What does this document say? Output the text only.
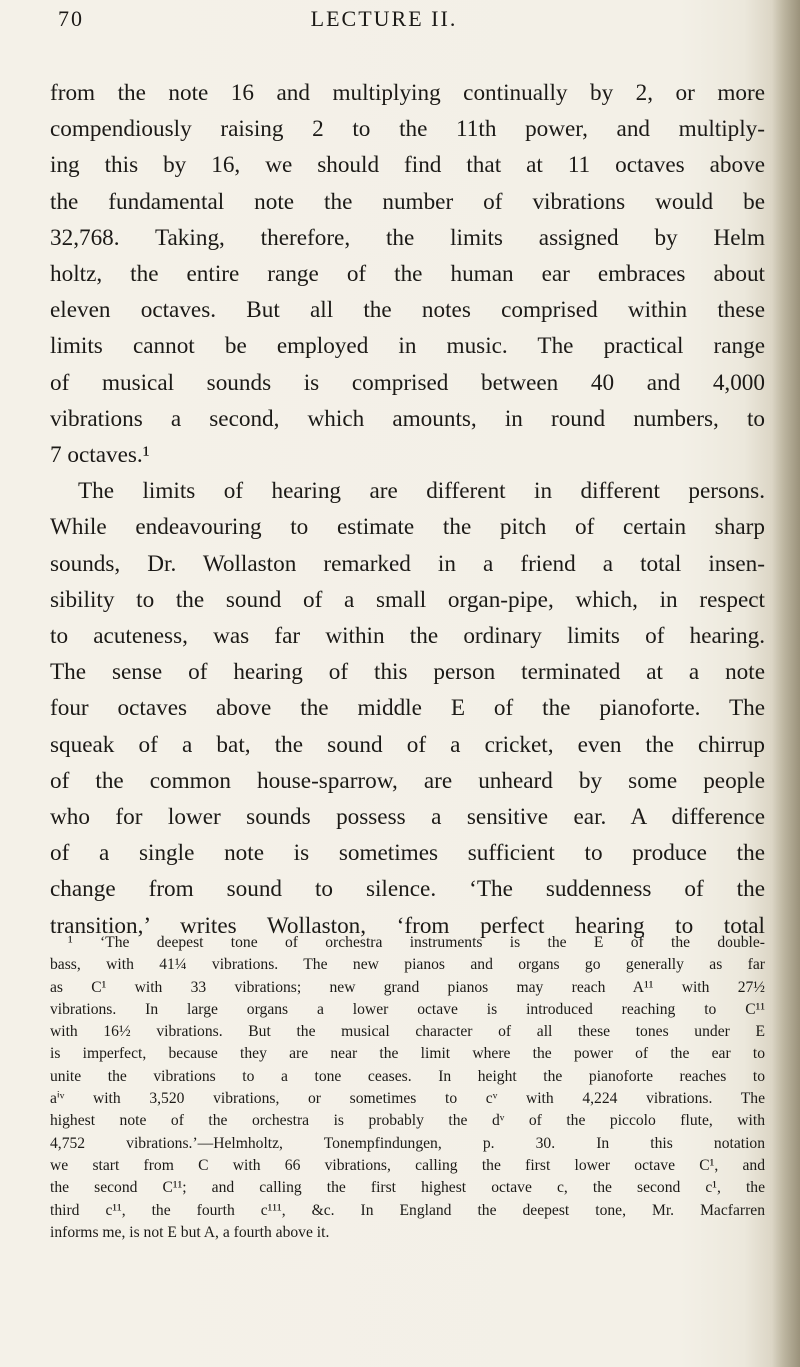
70	LECTURE II.
from the note 16 and multiplying continually by 2, or more
compendiously raising 2 to the 11th power, and multiply-
ing this by 16, we should find that at 11 octaves above
the fundamental note the number of vibrations would be
32,768. Taking, therefore, the limits assigned by Helm
holtz, the entire range of the human ear embraces about
eleven octaves. But all the notes comprised within these
limits cannot be employed in music. The practical range
of musical sounds is comprised between 40 and 4,000
vibrations a second, which amounts, in round numbers, to
7 octaves.¹
The limits of hearing are different in different persons.
While endeavouring to estimate the pitch of certain sharp
sounds, Dr. Wollaston remarked in a friend a total insen-
sibility to the sound of a small organ-pipe, which, in respect
to acuteness, was far within the ordinary limits of hearing.
The sense of hearing of this person terminated at a note
four octaves above the middle E of the pianoforte. The
squeak of a bat, the sound of a cricket, even the chirrup
of the common house-sparrow, are unheard by some people
who for lower sounds possess a sensitive ear. A difference
of a single note is sometimes sufficient to produce the
change from sound to silence. ‘The suddenness of the
transition,’ writes Wollaston, ‘from perfect hearing to total
¹ ‘The deepest tone of orchestra instruments is the E of the double-
bass, with 41¼ vibrations. The new pianos and organs go generally as far
as C¹ with 33 vibrations; new grand pianos may reach A¹¹ with 27½
vibrations. In large organs a lower octave is introduced reaching to C¹¹
with 16½ vibrations. But the musical character of all these tones under E
is imperfect, because they are near the limit where the power of the ear to
unite the vibrations to a tone ceases. In height the pianoforte reaches to
aⁱᵛ with 3,520 vibrations, or sometimes to cᵛ with 4,224 vibrations. The
highest note of the orchestra is probably the dᵛ of the piccolo flute, with
4,752 vibrations.’—Helmholtz, Tonempfindungen, p. 30. In this notation
we start from C with 66 vibrations, calling the first lower octave C¹, and
the second C¹¹; and calling the first highest octave c, the second c¹, the
third c¹¹, the fourth c¹¹¹, &c. In England the deepest tone, Mr. Macfarren
informs me, is not E but A, a fourth above it.
